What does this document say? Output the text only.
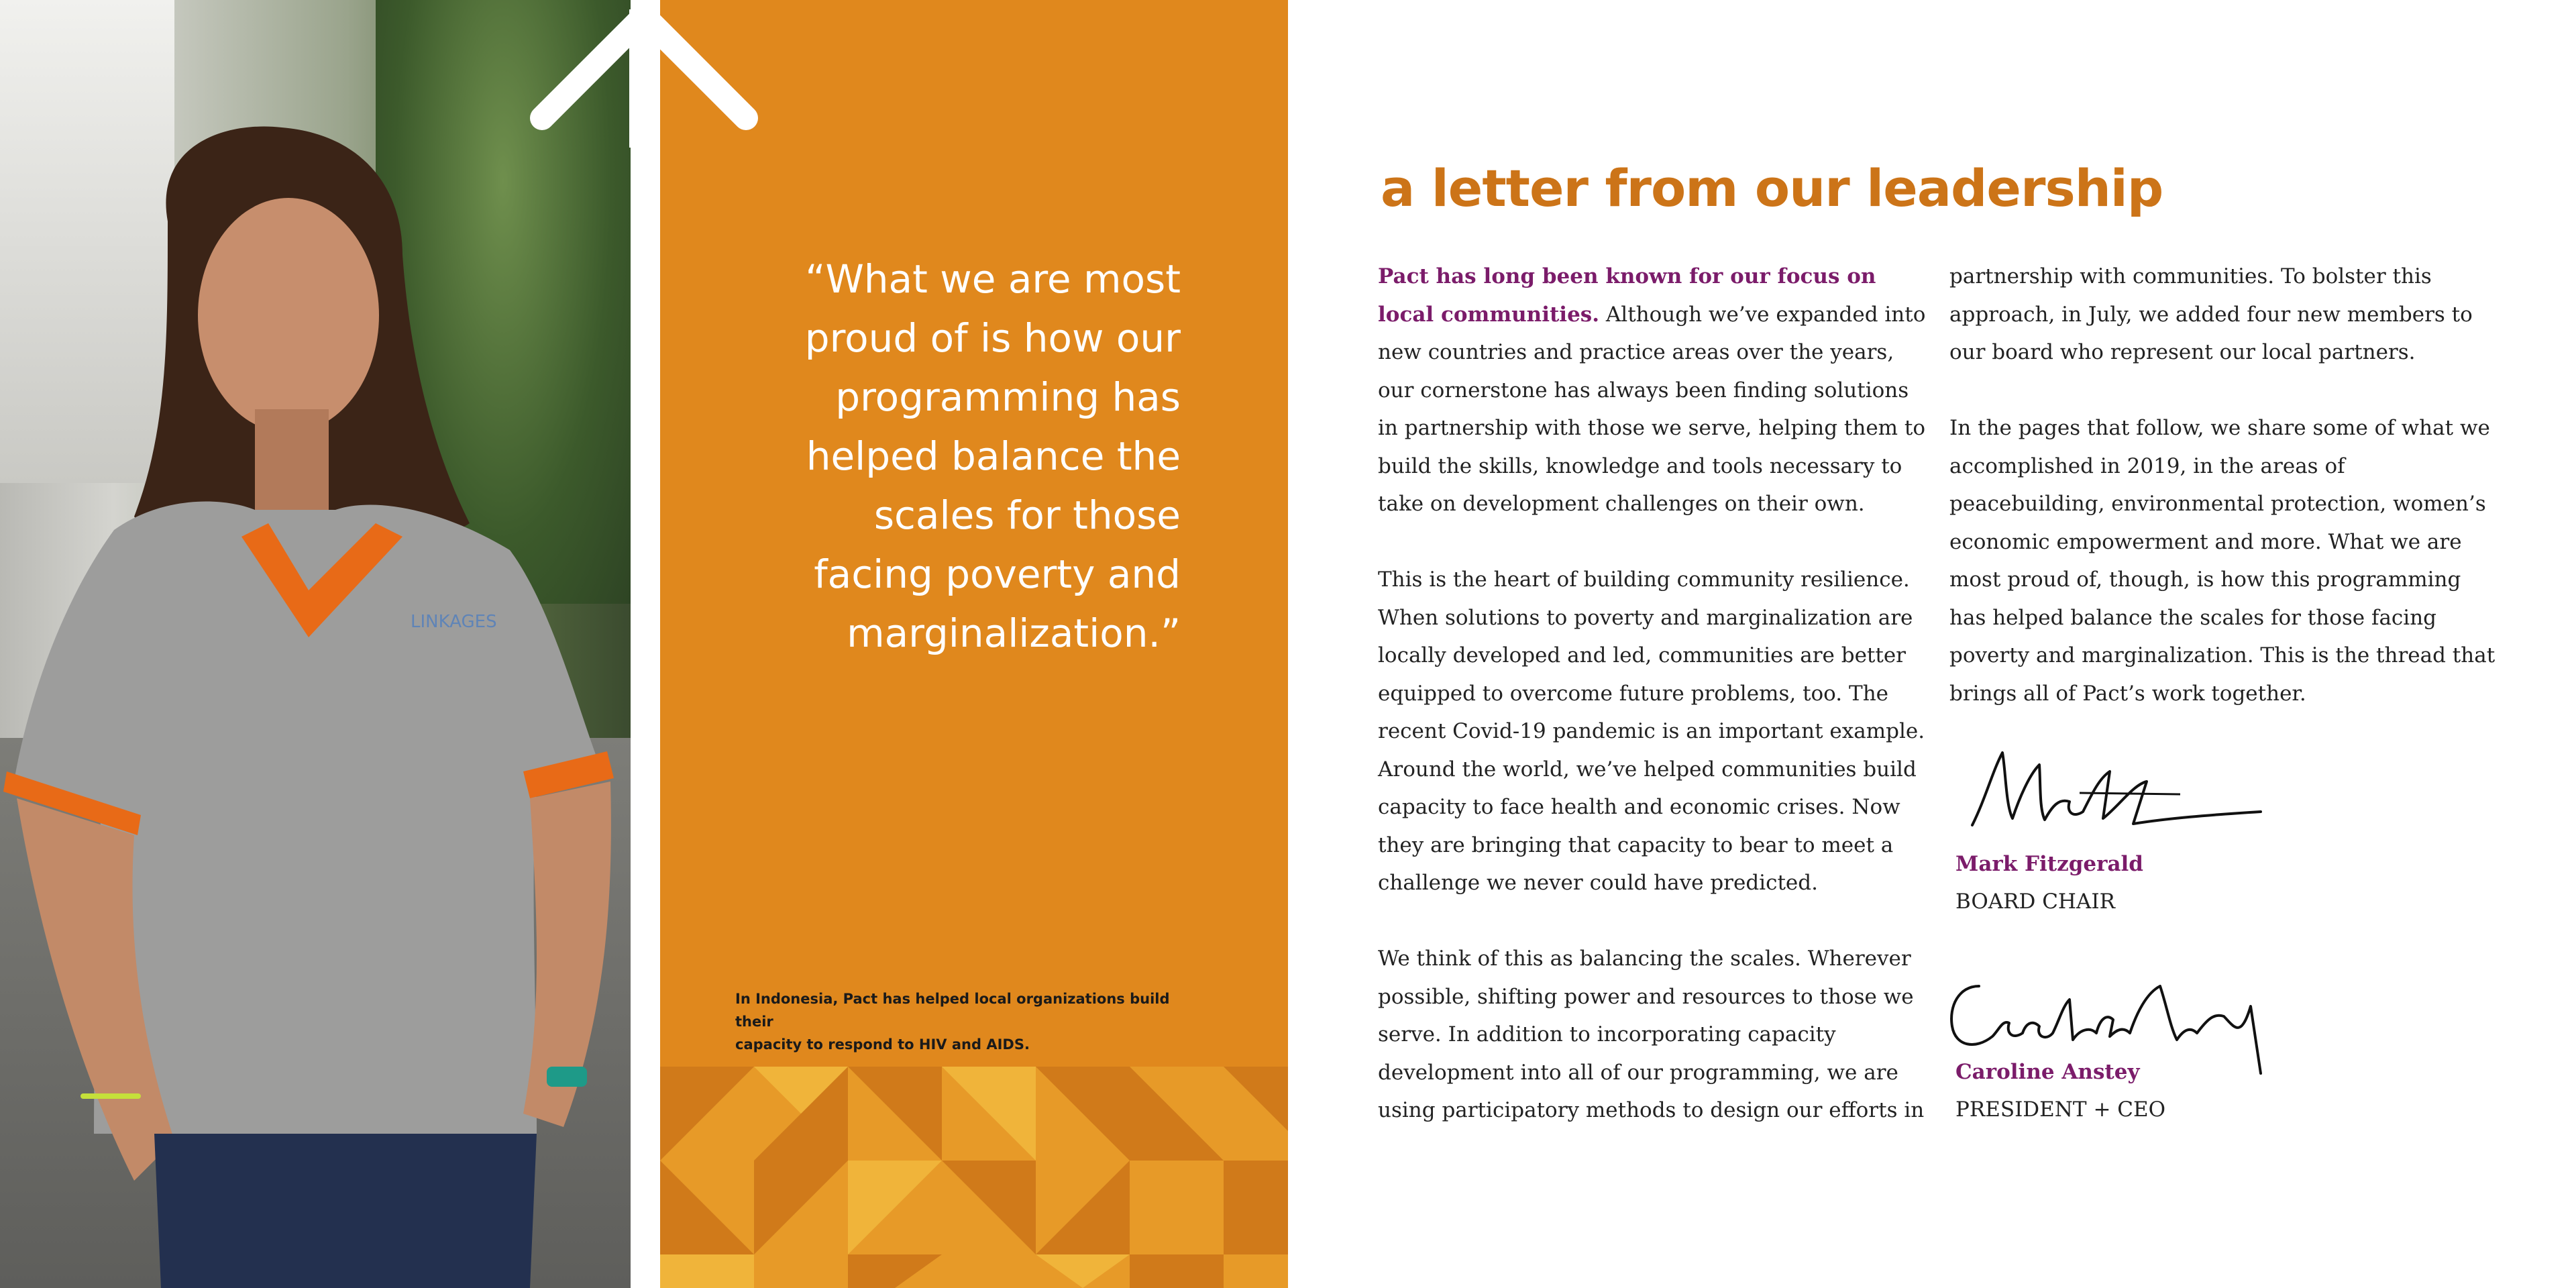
LINKAGES
“What we are most
proud of is how our
programming has
helped balance the
scales for those
facing poverty and
marginalization.”
In Indonesia, Pact has helped local organizations build their
capacity to respond to HIV and AIDS.
a letter from our leadership

Pact has long been known for our focus on local communities. Although we’ve expanded into new countries and practice areas over the years, our cornerstone has always been finding solutions in partnership with those we serve, helping them to build the skills, knowledge and tools necessary to take on development challenges on their own.

This is the heart of building community resilience. When solutions to poverty and marginalization are locally developed and led, communities are better equipped to overcome future problems, too. The recent Covid-19 pandemic is an important example. Around the world, we’ve helped communities build capacity to face health and economic crises. Now they are bringing that capacity to bear to meet a challenge we never could have predicted.

We think of this as balancing the scales. Wherever possible, shifting power and resources to those we serve. In addition to incorporating capacity development into all of our programming, we are using participatory methods to design our efforts in

partnership with communities. To bolster this approach, in July, we added four new members to our board who represent our local partners.

In the pages that follow, we share some of what we accomplished in 2019, in the areas of peacebuilding, environmental protection, women’s economic empowerment and more. What we are most proud of, though, is how this programming has helped balance the scales for those facing poverty and marginalization. This is the thread that brings all of Pact’s work together.

Mark Fitzgerald
BOARD CHAIR
Caroline Anstey
PRESIDENT + CEO
